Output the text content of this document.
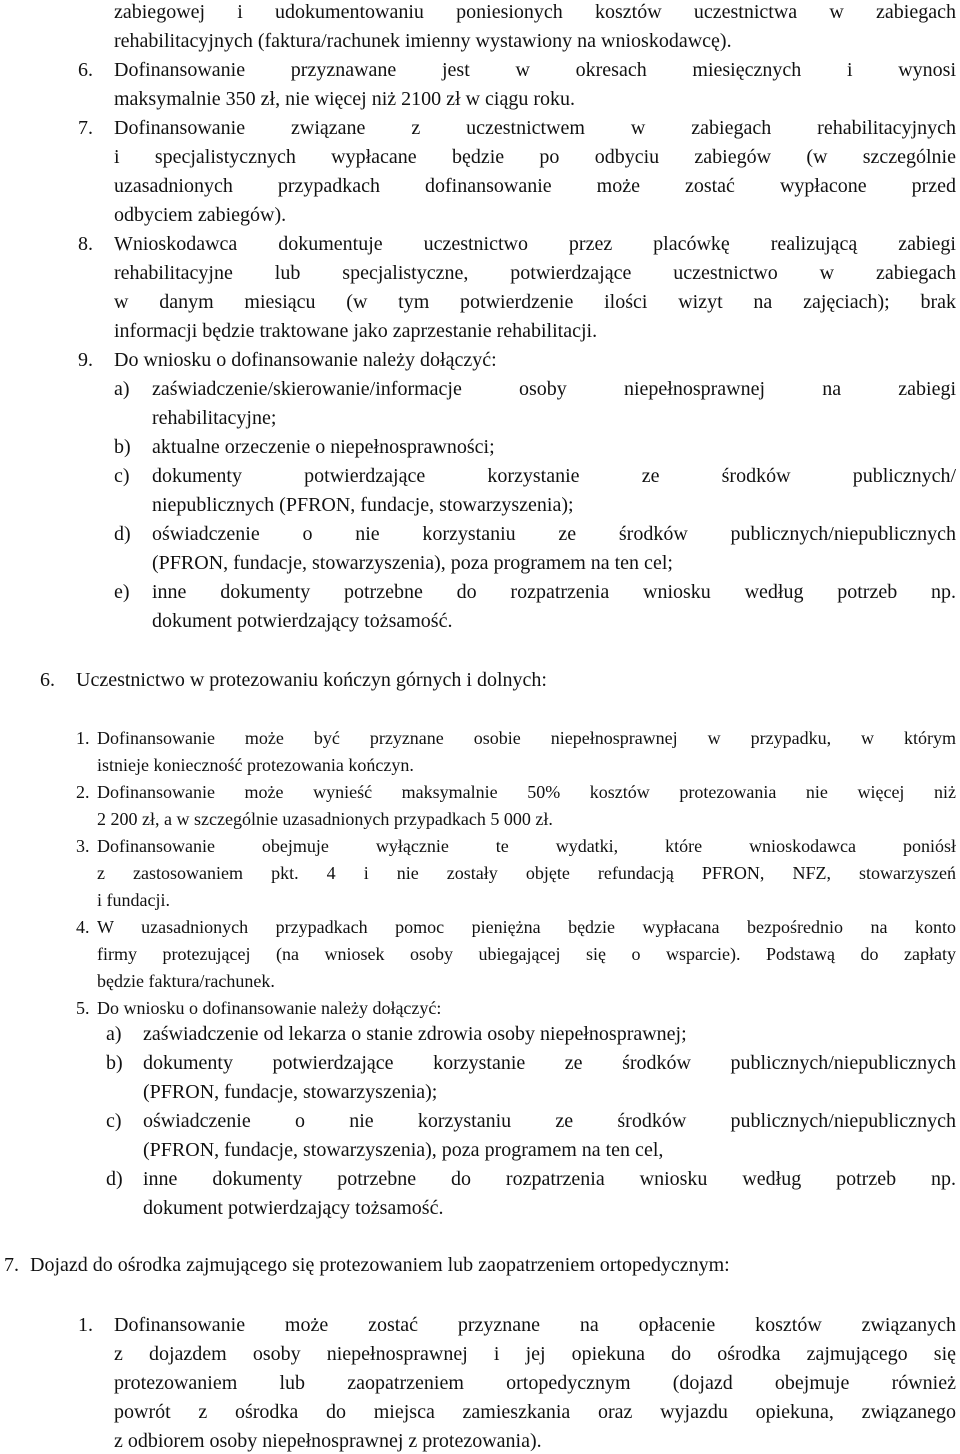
zabiegowej i udokumentowaniu poniesionych kosztów uczestnictwa w zabiegach
rehabilitacyjnych (faktura/rachunek imienny wystawiony na wnioskodawcę).
6. Dofinansowanie przyznawane jest w okresach miesięcznych i wynosi
maksymalnie 350 zł, nie więcej niż 2100 zł w ciągu roku.
7. Dofinansowanie związane z uczestnictwem w zabiegach rehabilitacyjnych
i specjalistycznych wypłacane będzie po odbyciu zabiegów (w szczególnie
uzasadnionych przypadkach dofinansowanie może zostać wypłacone przed
odbyciem zabiegów).
8. Wnioskodawca dokumentuje uczestnictwo przez placówkę realizującą zabiegi
rehabilitacyjne lub specjalistyczne, potwierdzające uczestnictwo w zabiegach
w danym miesiącu (w tym potwierdzenie ilości wizyt na zajęciach); brak
informacji będzie traktowane jako zaprzestanie rehabilitacji.
9. Do wniosku o dofinansowanie należy dołączyć:
a) zaświadczenie/skierowanie/informacje osoby niepełnosprawnej na zabiegi
rehabilitacyjne;
b) aktualne orzeczenie o niepełnosprawności;
c) dokumenty potwierdzające korzystanie ze środków publicznych/
niepublicznych (PFRON, fundacje, stowarzyszenia);
d) oświadczenie o nie korzystaniu ze środków publicznych/niepublicznych
(PFRON, fundacje, stowarzyszenia), poza programem na ten cel;
e) inne dokumenty potrzebne do rozpatrzenia wniosku według potrzeb np.
dokument potwierdzający tożsamość.
6. Uczestnictwo w protezowaniu kończyn górnych i dolnych:
1. Dofinansowanie może być przyznane osobie niepełnosprawnej w przypadku, w którym
istnieje konieczność protezowania kończyn.
2. Dofinansowanie może wynieść maksymalnie 50% kosztów protezowania nie więcej niż
2 200 zł, a w szczególnie uzasadnionych przypadkach 5 000 zł.
3. Dofinansowanie obejmuje wyłącznie te wydatki, które wnioskodawca poniósł
z zastosowaniem pkt. 4 i nie zostały objęte refundacją PFRON, NFZ, stowarzyszeń
i fundacji.
4. W uzasadnionych przypadkach pomoc pieniężna będzie wypłacana bezpośrednio na konto
firmy protezującej (na wniosek osoby ubiegającej się o wsparcie). Podstawą do zapłaty
będzie faktura/rachunek.
5. Do wniosku o dofinansowanie należy dołączyć:
a) zaświadczenie od lekarza o stanie zdrowia osoby niepełnosprawnej;
b) dokumenty potwierdzające korzystanie ze środków publicznych/niepublicznych
(PFRON, fundacje, stowarzyszenia);
c) oświadczenie o nie korzystaniu ze środków publicznych/niepublicznych
(PFRON, fundacje, stowarzyszenia), poza programem na ten cel,
d) inne dokumenty potrzebne do rozpatrzenia wniosku według potrzeb np.
dokument potwierdzający tożsamość.
7. Dojazd do ośrodka zajmującego się protezowaniem lub zaopatrzeniem ortopedycznym:
1. Dofinansowanie może zostać przyznane na opłacenie kosztów związanych
z dojazdem osoby niepełnosprawnej i jej opiekuna do ośrodka zajmującego się
protezowaniem lub zaopatrzeniem ortopedycznym (dojazd obejmuje również
powrót z ośrodka do miejsca zamieszkania oraz wyjazdu opiekuna, związanego
z odbiorem osoby niepełnosprawnej z protezowania).
